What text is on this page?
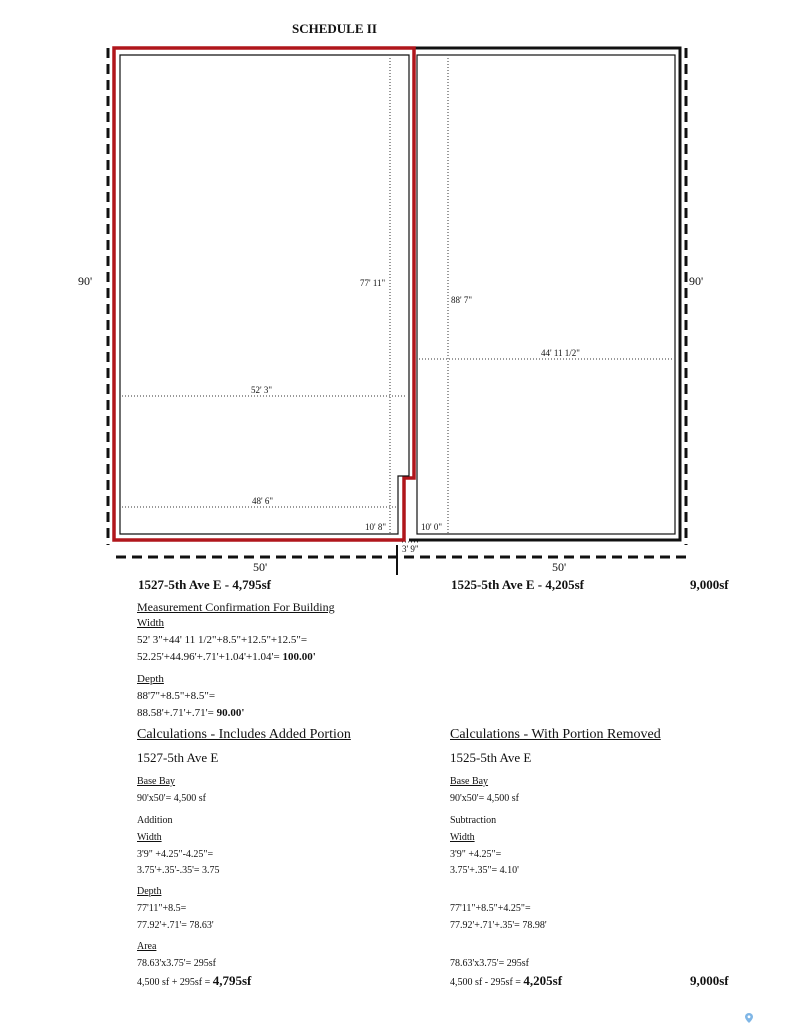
SCHEDULE II
90'	90'
50'	50'
77' 11"
88' 7"
44' 11 1/2"
52' 3"
48' 6"
10' 8"	10' 0"
3' 9"
1527-5th Ave E - 4,795sf	1525-5th Ave E - 4,205sf	9,000sf
Measurement Confirmation For Building
Width
52' 3"+44' 11 1/2"+8.5"+12.5"+12.5"=
52.25'+44.96'+.71'+1.04'+1.04'= 100.00'
Depth
88'7"+8.5"+8.5"=
88.58'+.71'+.71'= 90.00'
Calculations - Includes Added Portion
1527-5th Ave E
Base Bay
90'x50'= 4,500 sf
Addition
Width
3'9" +4.25"-4.25"=
3.75'+.35'-.35'= 3.75
Depth
77'11"+8.5=
77.92'+.71'= 78.63'
Area
78.63'x3.75'= 295sf
4,500 sf + 295sf = 4,795sf
Calculations - With Portion Removed
1525-5th Ave E
Base Bay
90'x50'= 4,500 sf
Subtraction
Width
3'9" +4.25"=
3.75'+.35"= 4.10'
77'11"+8.5"+4.25"=
77.92'+.71'+.35'= 78.98'
78.63'x3.75'= 295sf
4,500 sf - 295sf = 4,205sf	9,000sf
